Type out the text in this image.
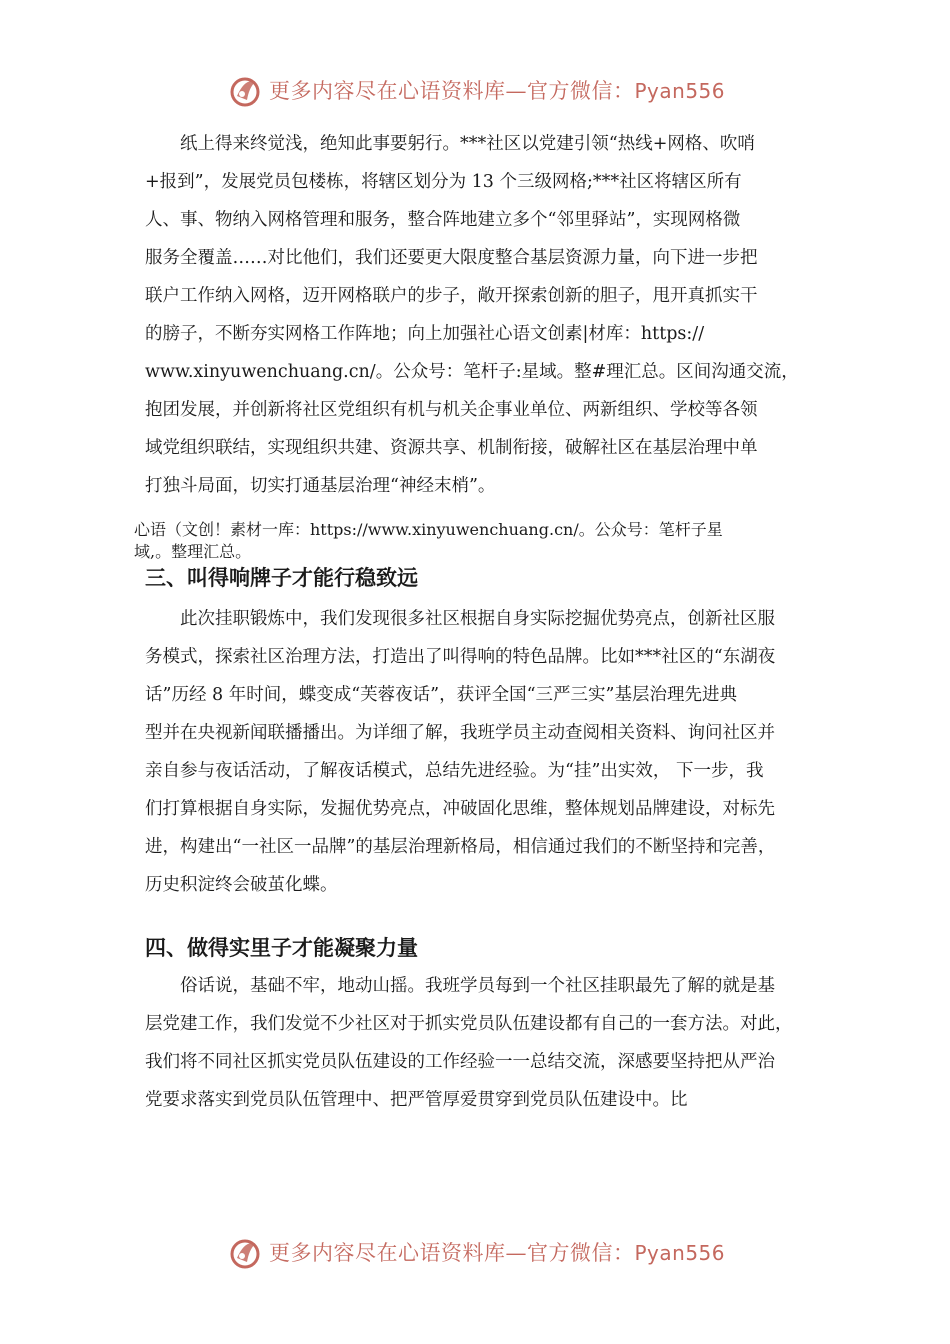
更多内容尽在心语资料库—官方微信：Pyan556
纸上得来终觉浅，绝知此事要躬行。***社区以党建引领“热线+网格、吹哨
+报到”，发展党员包楼栋，将辖区划分为 13 个三级网格;***社区将辖区所有
人、事、物纳入网格管理和服务，整合阵地建立多个“邻里驿站”，实现网格微
服务全覆盖……对比他们，我们还要更大限度整合基层资源力量，向下进一步把
联户工作纳入网格，迈开网格联户的步子，敞开探索创新的胆子，甩开真抓实干
的膀子，不断夯实网格工作阵地；向上加强社心语文创素|材库：https://
www.xinyuwenchuang.cn/。公众号：笔杆子:星域。整#理汇总。区间沟通交流，
抱团发展，并创新将社区党组织有机与机关企事业单位、两新组织、学校等各领
域党组织联结，实现组织共建、资源共享、机制衔接，破解社区在基层治理中单
打独斗局面，切实打通基层治理“神经末梢”。
心语（文创！素材一库：https://www.xinyuwenchuang.cn/。公众号：笔杆子星
域,。整理汇总。
三、叫得响牌子才能行稳致远
此次挂职锻炼中，我们发现很多社区根据自身实际挖掘优势亮点，创新社区服
务模式，探索社区治理方法，打造出了叫得响的特色品牌。比如***社区的“东湖夜
话”历经 8 年时间，蝶变成“芙蓉夜话”，获评全国“三严三实”基层治理先进典
型并在央视新闻联播播出。为详细了解，我班学员主动查阅相关资料、询问社区并
亲自参与夜话活动，了解夜话模式，总结先进经验。为“挂”出实效， 下一步，我
们打算根据自身实际，发掘优势亮点，冲破固化思维，整体规划品牌建设，对标先
进，构建出“一社区一品牌”的基层治理新格局，相信通过我们的不断坚持和完善，
历史积淀终会破茧化蝶。
四、做得实里子才能凝聚力量
俗话说，基础不牢，地动山摇。我班学员每到一个社区挂职最先了解的就是基
层党建工作，我们发觉不少社区对于抓实党员队伍建设都有自己的一套方法。对此，
我们将不同社区抓实党员队伍建设的工作经验一一总结交流，深感要坚持把从严治
党要求落实到党员队伍管理中、把严管厚爱贯穿到党员队伍建设中。比
更多内容尽在心语资料库—官方微信：Pyan556
